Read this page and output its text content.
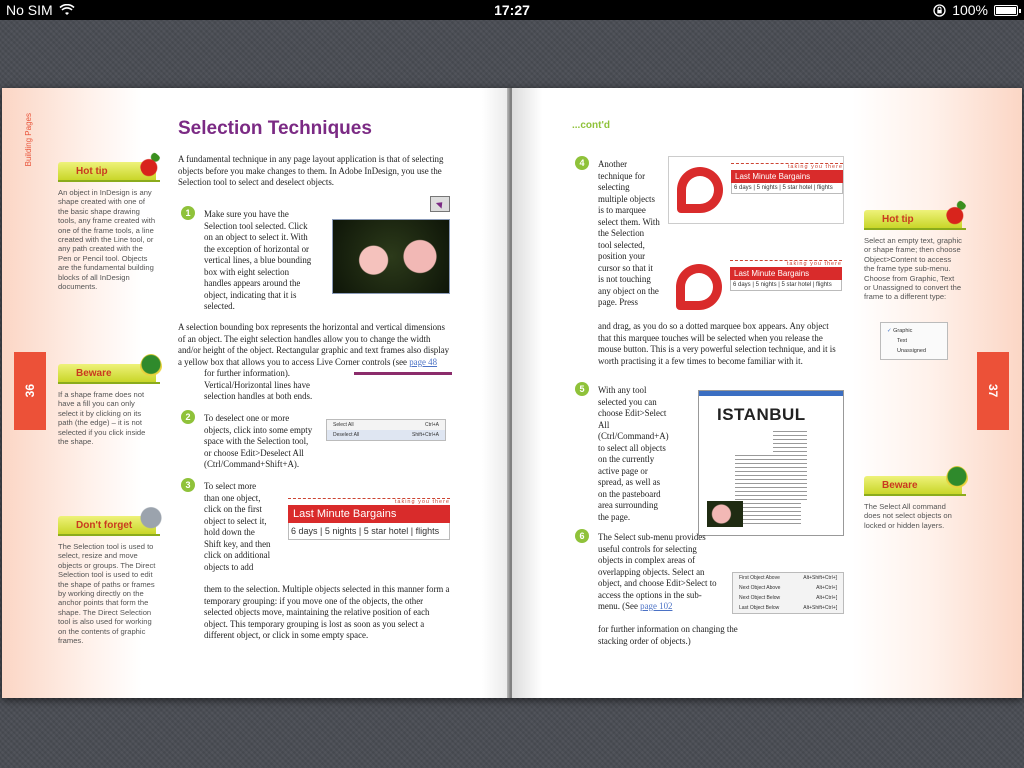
No SIM	17:27	100%
Building Pages
36
Hot tip
An object in InDesign is any shape created with one of the basic shape drawing tools, any frame created with one of the frame tools, a line created with the Line tool, or any path created with the Pen or Pencil tool. Objects are the fundamental building blocks of all InDesign documents.
Beware
If a shape frame does not have a fill you can only select it by clicking on its path (the edge) – it is not selected if you click inside the shape.
Don't forget
The Selection tool is used to select, resize and move objects or groups. The Direct Selection tool is used to edit the shape of paths or frames by working directly on the anchor points that form the shape. The Direct Selection tool is also used for working on the contents of graphic frames.
Selection Techniques
A fundamental technique in any page layout application is that of selecting objects before you make changes to them. In Adobe InDesign, you use the Selection tool to select and deselect objects.
1	Make sure you have the Selection tool selected. Click on an object to select it. With the exception of horizontal or vertical lines, a blue bounding box with eight selection handles appears around the object, indicating that it is selected.
A selection bounding box represents the horizontal and vertical dimensions of an object. The eight selection handles allow you to change the width and/or height of the object. Rectangular graphic and text frames also display a yellow box that allows you to access Live Corner controls (see page 48
for further information). Vertical/Horizontal lines have selection handles at both ends.
2	To deselect one or more objects, click into some empty space with the Selection tool, or choose Edit>Deselect All (Ctrl/Command+Shift+A).
Select All	Ctrl+A
Deselect All	Shift+Ctrl+A
3	To select more than one object, click on the first object to select it, hold down the Shift key, and then click on additional objects to add
taking you there
Last Minute Bargains
6 days | 5 nights | 5 star hotel | flights
them to the selection. Multiple objects selected in this manner form a temporary grouping: if you move one of the objects, the other selected objects move, maintaining the relative position of each object. This temporary grouping is lost as soon as you select a different object, or click in some empty space.
...cont'd
37
4	Another technique for selecting multiple objects is to marquee select them. With the Selection tool selected, position your cursor so that it is not touching any object on the page. Press
taking you there
Last Minute Bargains
6 days | 5 nights | 5 star hotel | flights
taking you there
Last Minute Bargains
6 days | 5 nights | 5 star hotel | flights
and drag, as you do so a dotted marquee box appears. Any object that this marquee touches will be selected when you release the mouse button. This is a very powerful selection technique, and it is worth practising it a few times to become familiar with it.
5	With any tool selected you can choose Edit>Select All (Ctrl/Command+A) to select all objects on the currently active page or spread, as well as on the pasteboard area surrounding the page.
ISTANBUL
6	The Select sub-menu provides useful controls for selecting objects in complex areas of overlapping objects. Select an object, and choose Edit>Select to access the options in the sub-menu. (See page 102
for further information on changing the stacking order of objects.)
First Object Above	Alt+Shift+Ctrl+]
Next Object Above	Alt+Ctrl+]
Next Object Below	Alt+Ctrl+[
Last Object Below	Alt+Shift+Ctrl+[
Hot tip
Select an empty text, graphic or shape frame; then choose Object>Content to access the frame type sub-menu. Choose from Graphic, Text or Unassigned to convert the frame to a different type:
✓ Graphic
Text
Unassigned
Beware
The Select All command does not select objects on locked or hidden layers.
